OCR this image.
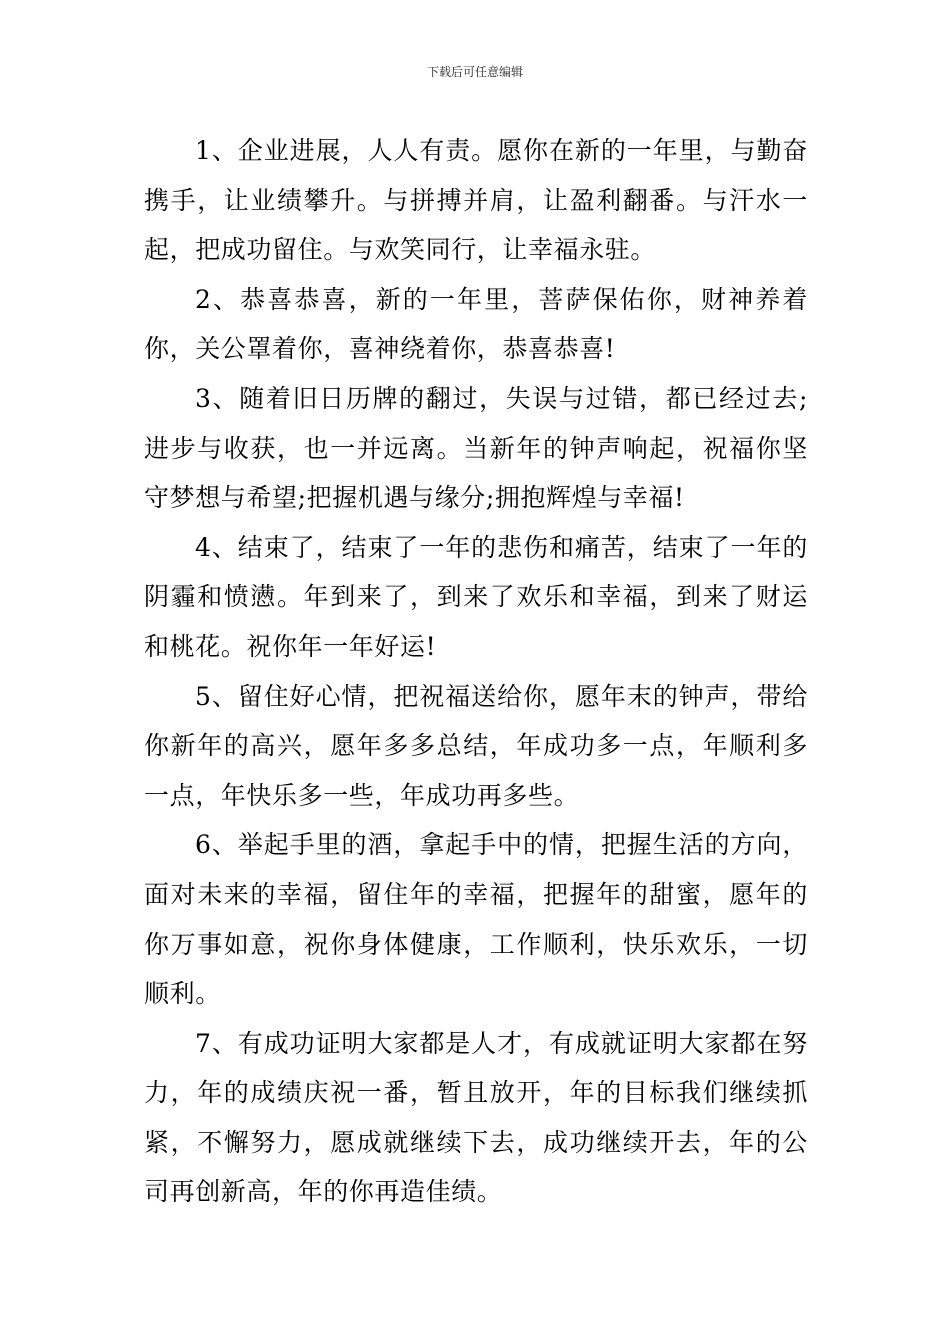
下载后可任意编辑

1、企业进展，人人有责。愿你在新的一年里，与勤奋携手，让业绩攀升。与拼搏并肩，让盈利翻番。与汗水一起，把成功留住。与欢笑同行，让幸福永驻。

2、恭喜恭喜，新的一年里，菩萨保佑你，财神养着你，关公罩着你，喜神绕着你，恭喜恭喜!

3、随着旧日历牌的翻过，失误与过错，都已经过去;进步与收获，也一并远离。当新年的钟声响起，祝福你坚守梦想与希望;把握机遇与缘分;拥抱辉煌与幸福!

4、结束了，结束了一年的悲伤和痛苦，结束了一年的阴霾和愤懑。年到来了，到来了欢乐和幸福，到来了财运和桃花。祝你年一年好运!

5、留住好心情，把祝福送给你，愿年末的钟声，带给你新年的高兴，愿年多多总结，年成功多一点，年顺利多一点，年快乐多一些，年成功再多些。

6、举起手里的酒，拿起手中的情，把握生活的方向，面对未来的幸福，留住年的幸福，把握年的甜蜜，愿年的你万事如意，祝你身体健康，工作顺利，快乐欢乐，一切顺利。

7、有成功证明大家都是人才，有成就证明大家都在努力，年的成绩庆祝一番，暂且放开，年的目标我们继续抓紧，不懈努力，愿成就继续下去，成功继续开去，年的公司再创新高，年的你再造佳绩。
